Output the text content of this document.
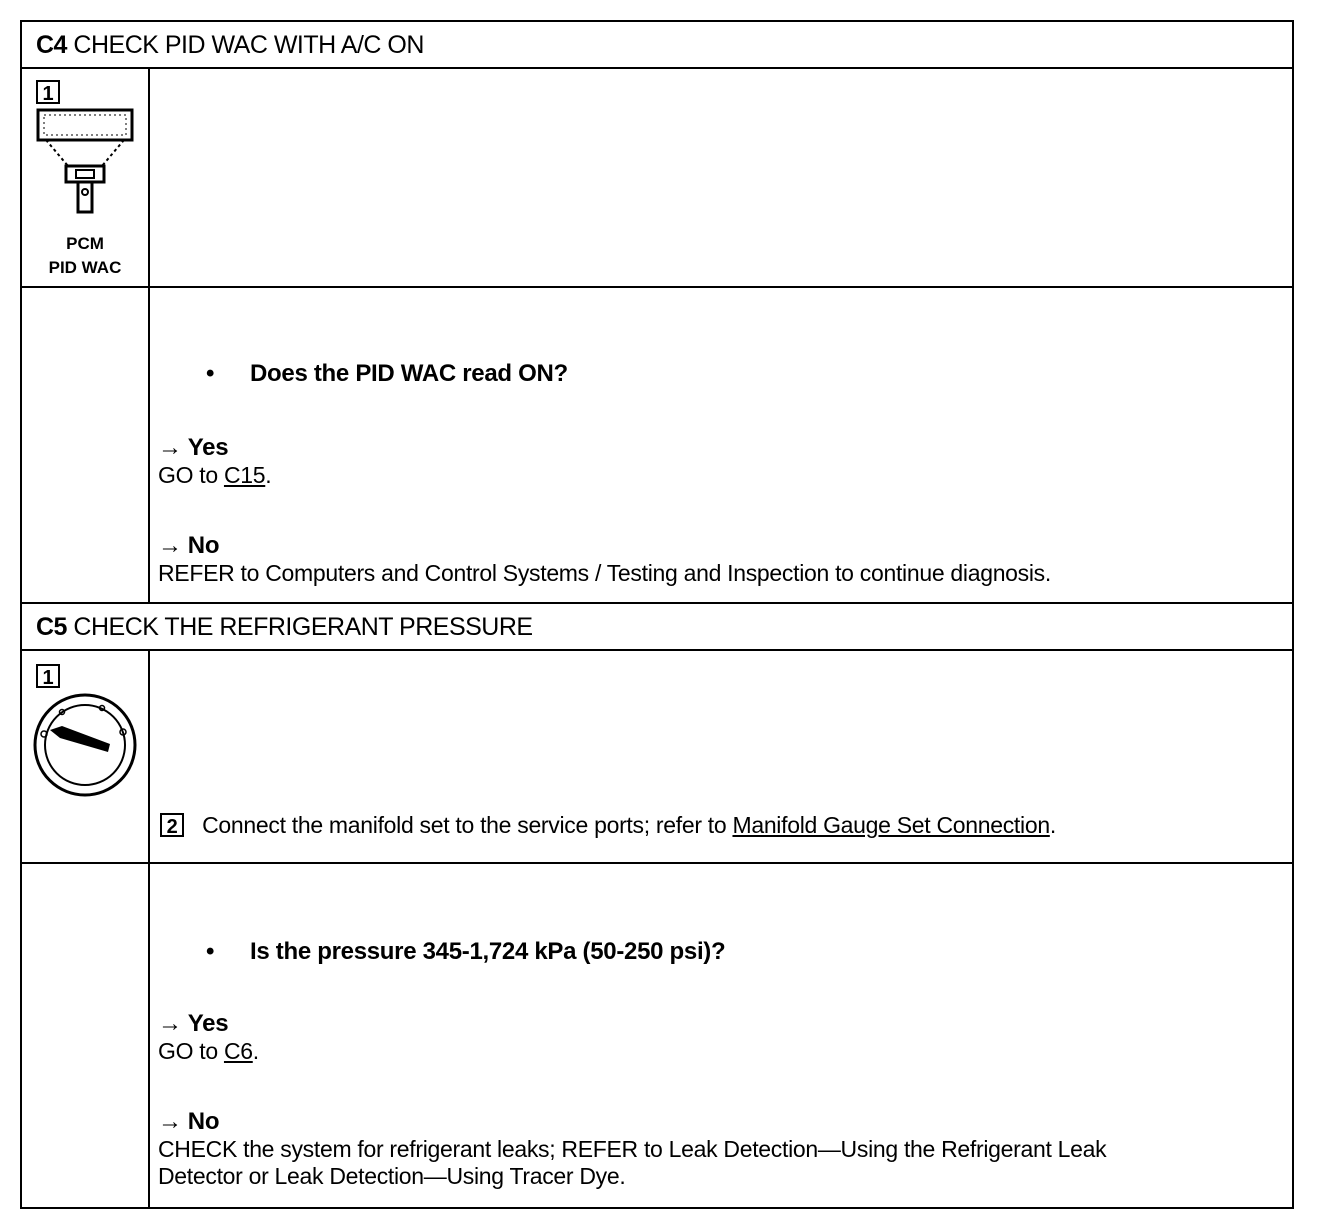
C4 CHECK PID WAC WITH A/C ON
1
PCM
PID WAC
• Does the PID WAC read ON?
→ Yes
GO to C15.
→ No
REFER to Computers and Control Systems / Testing and Inspection to continue diagnosis.
C5 CHECK THE REFRIGERANT PRESSURE
1
2 Connect the manifold set to the service ports; refer to Manifold Gauge Set Connection.
• Is the pressure 345-1,724 kPa (50-250 psi)?
→ Yes
GO to C6.
→ No
CHECK the system for refrigerant leaks; REFER to Leak Detection—Using the Refrigerant Leak
Detector or Leak Detection—Using Tracer Dye.
